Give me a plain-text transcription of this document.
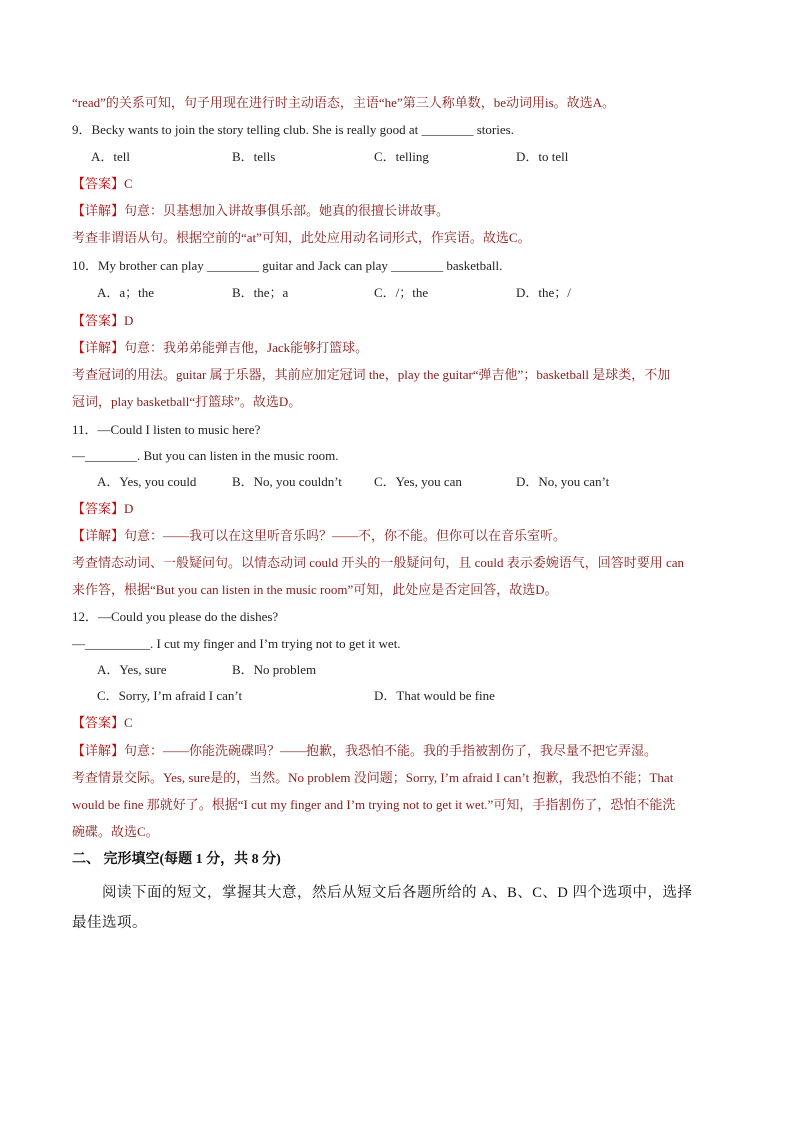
“read”的关系可知，句子用现在进行时主动语态，主语“he”第三人称单数，be动词用is。故选A。
9．Becky wants to join the story telling club. She is really good at ________ stories.
A．tell	B．tells	C．telling	D．to tell
【答案】C
【详解】句意：贝基想加入讲故事俱乐部。她真的很擅长讲故事。
考查非谓语从句。根据空前的“at”可知，此处应用动名词形式，作宾语。故选C。
10．My brother can play ________ guitar and Jack can play ________ basketball.
A．a；the	B．the；a	C．/；the	D．the；/
【答案】D
【详解】句意：我弟弟能弹吉他，Jack能够打篮球。
考查冠词的用法。guitar 属于乐器，其前应加定冠词 the，play the guitar“弹吉他”；basketball 是球类，不加
冠词，play basketball“打篮球”。故选D。
11．—Could I listen to music here?
—________. But you can listen in the music room.
A．Yes, you could	B．No, you couldn’t C．Yes, you can	D．No, you can’t
【答案】D
【详解】句意：——我可以在这里听音乐吗？——不，你不能。但你可以在音乐室听。
考查情态动词、一般疑问句。以情态动词 could 开头的一般疑问句，且 could 表示委婉语气，回答时要用 can
来作答，根据“But you can listen in the music room”可知，此处应是否定回答，故选D。
12．—Could you please do the dishes?
—__________. I cut my finger and I’m trying not to get it wet.
A．Yes, sure	B．No problem
C．Sorry, I’m afraid I can’t	D．That would be fine
【答案】C
【详解】句意：——你能洗碗碟吗？——抱歉，我恐怕不能。我的手指被割伤了，我尽量不把它弄湿。
考查情景交际。Yes, sure是的，当然。No problem 没问题；Sorry, I’m afraid I can’t 抱歉，我恐怕不能；That
would be fine 那就好了。根据“I cut my finger and I’m trying not to get it wet.”可知，手指割伤了，恐怕不能洗
碗碟。故选C。
二、 完形填空(每题 1 分，共 8 分)
阅读下面的短文，掌握其大意，然后从短文后各题所给的 A、B、C、D 四个选项中，选择
最佳选项。
